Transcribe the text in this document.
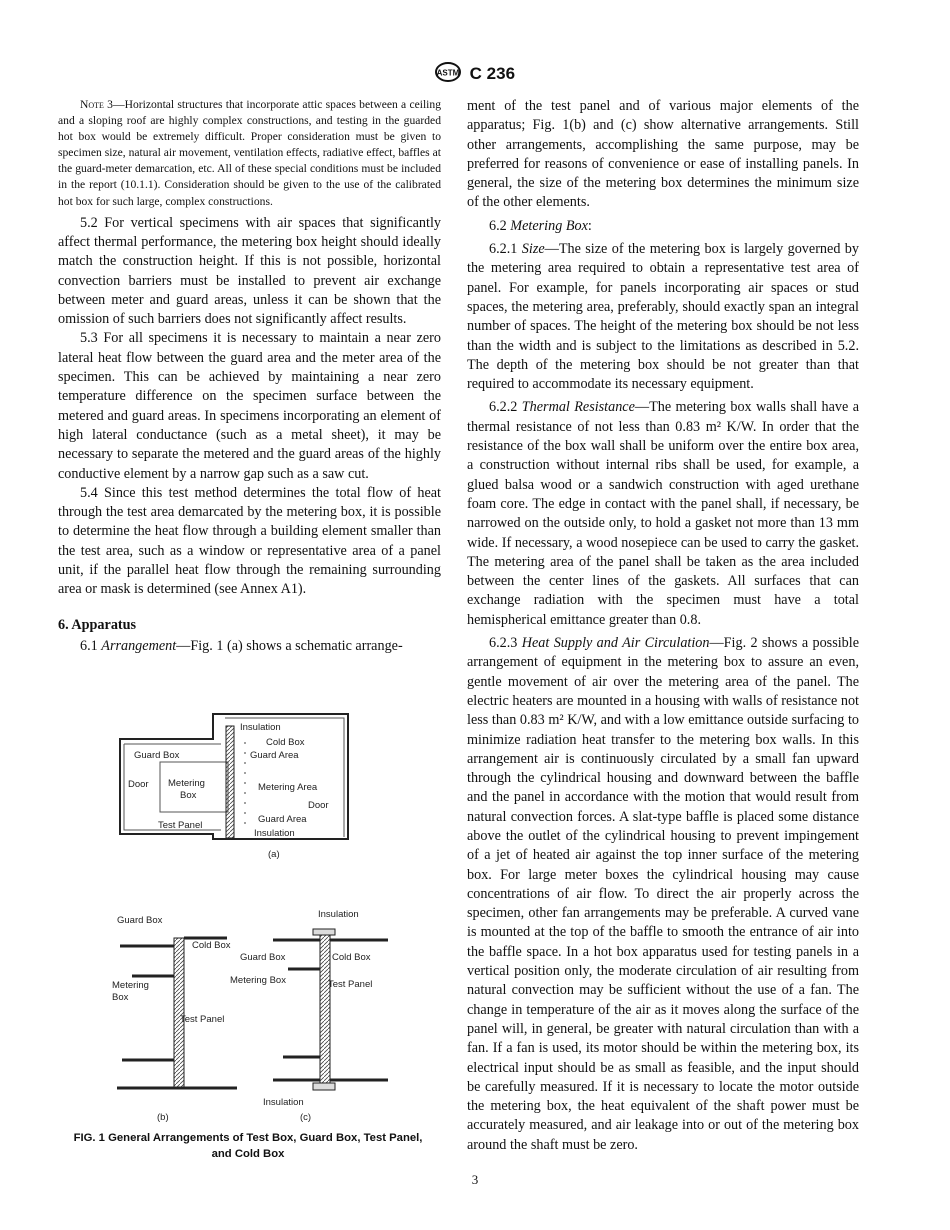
ASTM C 236
Note 3—Horizontal structures that incorporate attic spaces between a ceiling and a sloping roof are highly complex constructions, and testing in the guarded hot box would be extremely difficult. Proper consideration must be given to specimen size, natural air movement, ventilation effects, radiative effect, baffles at the guard-meter demarcation, etc. All of these special conditions must be included in the report (10.1.1). Consideration should be given to the use of the calibrated hot box for such large, complex constructions.

5.2 For vertical specimens with air spaces that significantly affect thermal performance, the metering box height should ideally match the construction height. If this is not possible, horizontal convection barriers must be installed to prevent air exchange between meter and guard areas, unless it can be shown that the omission of such barriers does not significantly affect results.

5.3 For all specimens it is necessary to maintain a near zero lateral heat flow between the guard area and the meter area of the specimen. This can be achieved by maintaining a near zero temperature difference on the specimen surface between the metered and guard areas. In specimens incorporating an element of high lateral conductance (such as a metal sheet), it may be necessary to separate the metered and the guard areas of the highly conductive element by a narrow gap such as a saw cut.

5.4 Since this test method determines the total flow of heat through the test area demarcated by the metering box, it is possible to determine the heat flow through a building element smaller than the test area, such as a window or representative area of a panel unit, if the parallel heat flow through the remaining surrounding area or mask is determined (see Annex A1).

6. Apparatus

6.1 Arrangement—Fig. 1 (a) shows a schematic arrange-

Insulation
Cold Box
Guard Box	Guard Area
Door Metering
Box
Metering Area
Door
Test Panel
Guard Area
Insulation
(a)
Guard Box
Cold Box
Metering
Box
Test Panel
(b)
Insulation
Guard Box	Cold Box
Metering Box	Test Panel
Insulation
(c)
FIG. 1 General Arrangements of Test Box, Guard Box, Test Panel,
and Cold Box

ment of the test panel and of various major elements of the apparatus; Fig. 1(b) and (c) show alternative arrangements. Still other arrangements, accomplishing the same purpose, may be preferred for reasons of convenience or ease of installing panels. In general, the size of the metering box determines the minimum size of the other elements.

6.2 Metering Box:

6.2.1 Size—The size of the metering box is largely governed by the metering area required to obtain a representative test area of panel. For example, for panels incorporating air spaces or stud spaces, the metering area, preferably, should exactly span an integral number of spaces. The height of the metering box should be not less than the width and is subject to the limitations as described in 5.2. The depth of the metering box should be not greater than that required to accommodate its necessary equipment.

6.2.2 Thermal Resistance—The metering box walls shall have a thermal resistance of not less than 0.83 m² K/W. In order that the resistance of the box wall shall be uniform over the entire box area, a construction without internal ribs shall be used, for example, a glued balsa wood or a sandwich construction with aged urethane foam core. The edge in contact with the panel shall, if necessary, be narrowed on the outside only, to hold a gasket not more than 13 mm wide. If necessary, a wood nosepiece can be used to carry the gasket. The metering area of the panel shall be taken as the area included between the center lines of the gaskets. All surfaces that can exchange radiation with the specimen must have a total hemispherical emittance greater than 0.8.

6.2.3 Heat Supply and Air Circulation—Fig. 2 shows a possible arrangement of equipment in the metering box to assure an even, gentle movement of air over the metering area of the panel. The electric heaters are mounted in a housing with walls of resistance not less than 0.83 m² K/W, and with a low emittance outside surfacing to minimize radiation heat transfer to the metering box walls. In this arrangement air is continuously circulated by a small fan upward through the cylindrical housing and downward between the baffle and the panel in accordance with the motion that would result from natural convection forces. A slat-type baffle is placed some distance above the outlet of the cylindrical housing to prevent impingement of a jet of heated air against the top inner surface of the metering box. For large meter boxes the cylindrical housing may cause concentrations of air flow. To direct the air properly across the specimen, other fan arrangements may be preferable. A curved vane is mounted at the top of the baffle to smooth the entrance of air into the baffle space. In a hot box apparatus used for testing panels in a vertical position only, the moderate circulation of air resulting from natural convection may be sufficient without the use of a fan. The change in temperature of the air as it moves along the surface of the panel will, in general, be greater with natural circulation than with a fan. If a fan is used, its motor should be within the metering box, its electrical input should be as small as feasible, and the input should be carefully measured. If it is necessary to locate the motor outside the metering box, the heat equivalent of the shaft power must be accurately measured, and air leakage into or out of the metering box around the shaft must be zero.

3
